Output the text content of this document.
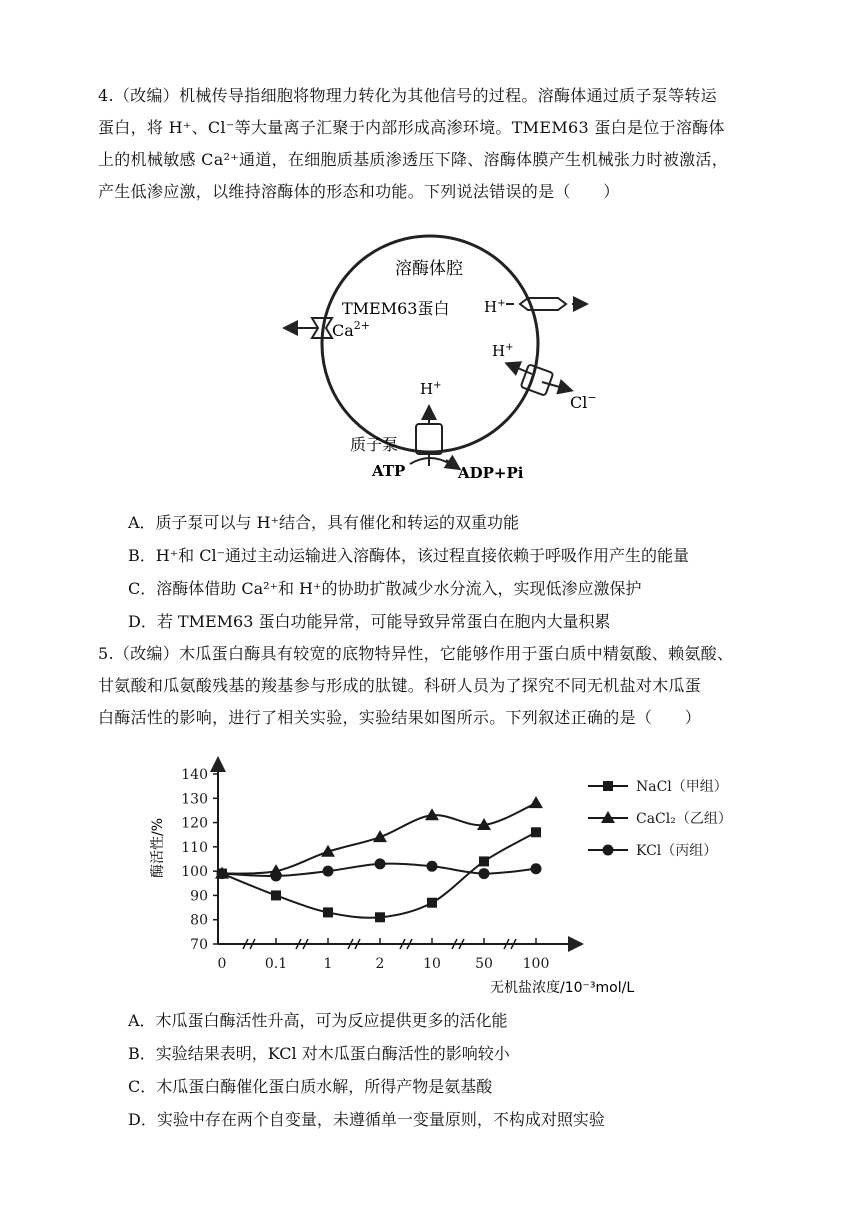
4.（改编）机械传导指细胞将物理力转化为其他信号的过程。溶酶体通过质子泵等转运
蛋白，将 H⁺、Cl⁻等大量离子汇聚于内部形成高渗环境。TMEM63 蛋白是位于溶酶体
上的机械敏感 Ca²⁺通道，在细胞质基质渗透压下降、溶酶体膜产生机械张力时被激活，
产生低渗应激，以维持溶酶体的形态和功能。下列说法错误的是（　　）
溶酶体腔
TMEM63蛋白
$Ca^{2+}$
H+
H+
Cl−
H+
质子泵
ATP	ADP+Pi
A．质子泵可以与 H⁺结合，具有催化和转运的双重功能
B．H⁺和 Cl⁻通过主动运输进入溶酶体，该过程直接依赖于呼吸作用产生的能量
C．溶酶体借助 Ca²⁺和 H⁺的协助扩散减少水分流入，实现低渗应激保护
D．若 TMEM63 蛋白功能异常，可能导致异常蛋白在胞内大量积累
5.（改编）木瓜蛋白酶具有较宽的底物特异性，它能够作用于蛋白质中精氨酸、赖氨酸、
甘氨酸和瓜氨酸残基的羧基参与形成的肽键。科研人员为了探究不同无机盐对木瓜蛋
白酶活性的影响，进行了相关实验，实验结果如图所示。下列叙述正确的是（　　）
70
80
90
100
110
120
130
140
0	0.1	1	2	10 50 100
NaCl（甲组）
CaCl₂（乙组）
KCl（丙组）
酶活性/%
无机盐浓度/10⁻³mol/L
A．木瓜蛋白酶活性升高，可为反应提供更多的活化能
B．实验结果表明，KCl 对木瓜蛋白酶活性的影响较小
C．木瓜蛋白酶催化蛋白质水解，所得产物是氨基酸
D．实验中存在两个自变量，未遵循单一变量原则，不构成对照实验
